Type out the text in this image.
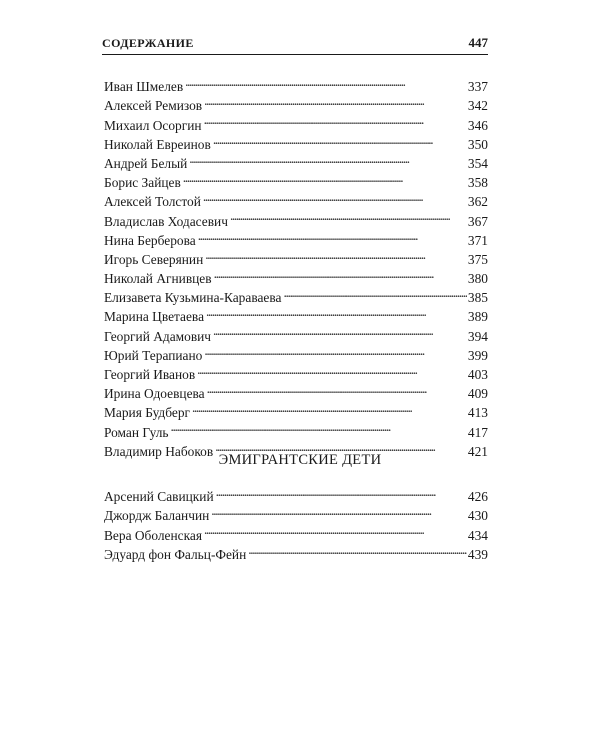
СОДЕРЖАНИЕ	447
Иван Шмелев . . .	337
Алексей Ремизов . . .	342
Михаил Осоргин . . .	346
Николай Евреинов . . .	350
Андрей Белый . . .	354
Борис Зайцев . . .	358
Алексей Толстой . . .	362
Владислав Ходасевич . . .	367
Нина Берберова . . .	371
Игорь Северянин . . .	375
Николай Агнивцев . . .	380
Елизавета Кузьмина-Караваева . . .	385
Марина Цветаева . . .	389
Георгий Адамович . . .	394
Юрий Терапиано . . .	399
Георгий Иванов . . .	403
Ирина Одоевцева . . .	409
Мария Будберг . . .	413
Роман Гуль . . .	417
Владимир Набоков . . .	421
ЭМИГРАНТСКИЕ ДЕТИ
Арсений Савицкий . . .	426
Джордж Баланчин . . .	430
Вера Оболенская . . .	434
Эдуард фон Фальц-Фейн . . .	439
